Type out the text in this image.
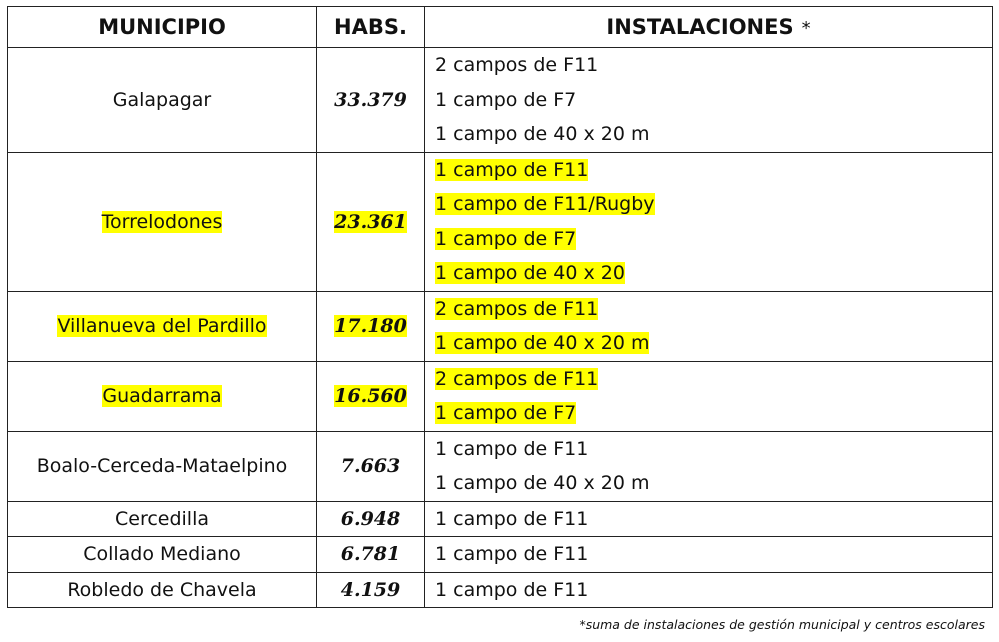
MUNICIPIO	HABS.	INSTALACIONES *
Galapagar	33.379	2 campos de F11
1 campo de F7
1 campo de 40 x 20 m

Torrelodones	23.361	1 campo de F11
1 campo de F11/Rugby
1 campo de F7
1 campo de 40 x 20

Villanueva del Pardillo	17.180	2 campos de F11
1 campo de 40 x 20 m

Guadarrama	16.560	2 campos de F11
1 campo de F7

Boalo-Cerceda-Mataelpino	7.663	1 campo de F11
1 campo de 40 x 20 m

Cercedilla	6.948	1 campo de F11

Collado Mediano	6.781	1 campo de F11

Robledo de Chavela	4.159	1 campo de F11
*suma de instalaciones de gestión municipal y centros escolares
